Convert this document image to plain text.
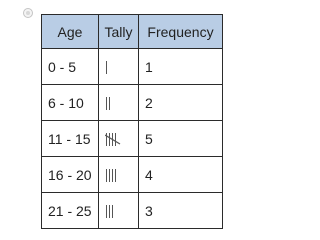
Age	Tally	Frequency
0 - 5		1
6 - 10		2
11 - 15		5
16 - 20		4
21 - 25		3
